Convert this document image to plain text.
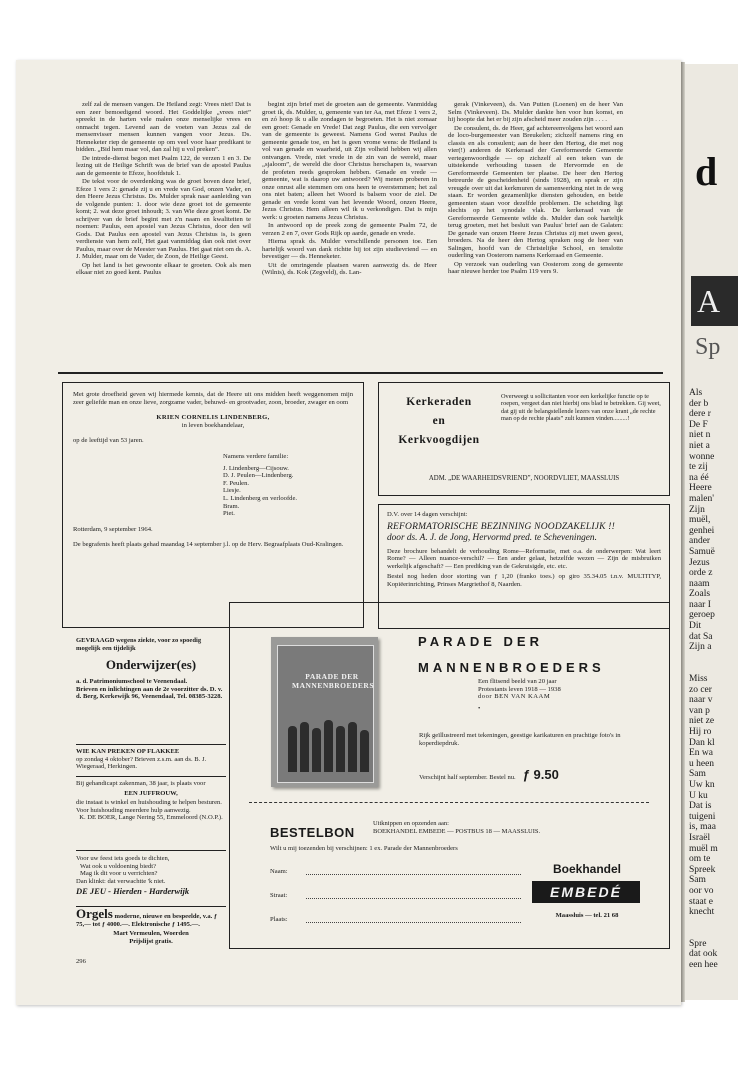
zelf zal de mensen vangen. De Heiland zegt: Vrees niet! Dat is een zeer bemoedigend woord. Het Goddelijke „vrees niet” spreekt in de harten vele malen onze menselijke vrees en onmacht tegen. Levend aan de voeten van Jezus zal de mensenvisser mensen kunnen vangen voor Jezus. Ds. Henneketer riep de gemeente op om veel voor haar predikant te bidden. „Bid hem maar vol, dan zal hij u vol preken”.

De intrede-dienst begon met Psalm 122, de verzen 1 en 3. De lezing uit de Heilige Schrift was de brief van de apostel Paulus aan de gemeente te Efeze, hoofdstuk 1.

De tekst voor de overdenking was de groet boven deze brief, Efeze 1 vers 2: genade zij u en vrede van God, onzen Vader, en den Heere Jezus Christus. Ds. Mulder sprak naar aanleiding van de volgende punten: 1. door wie deze groet tot de gemeente komt; 2. wat deze groet inhoudt; 3. van Wie deze groet komt. De schrijver van de brief begint met z'n naam en kwaliteiten te noemen: Paulus, een apostel van Jezus Christus, door den wil Gods. Dat Paulus een apostel van Jezus Christus is, is geen verdienste van hem zelf, Het gaat vanmiddag dan ook niet over Paulus, maar over de Meester van Paulus. Het gaat niet om ds. A. J. Mulder, maar om de Vader, de Zoon, de Heilige Geest.

Op het land is het gewoonte elkaar te groeten. Ook als men elkaar niet zo goed kent. Paulus

begint zijn brief met de groeten aan de gemeente. Vanmiddag groet ik, ds. Mulder, u, gemeente van ter Aa, met Efeze 1 vers 2, en zó hoop ik u alle zondagen te begroeten. Het is niet zomaar een groet: Genade en Vrede! Dat zegt Paulus, die een vervolger van de gemeente is geweest. Namens God wenst Paulus de gemeente genade toe, en het is geen vrome wens: de Heiland is vol van genade en waarheid, uit Zijn volheid hebben wij allen ontvangen. Vrede, niet vrede in de zin van de wereld, maar „sjaloom”, de wereld die door Christus herschapen is, waarvan de profeten reeds gesproken hebben. Genade en vrede — gemeente, wat is daarop uw antwoord? Wij menen proberen in onze onrust alle stemmen om ons heen te overstemmen; het zal ons niet baten; alleen het Woord is balsem voor de ziel. De genade en vrede komt van het levende Woord, onzen Heere, Jezus Christus. Hem alleen wil ik u verkondigen. Dat is mijn werk: u groeten namens Jezus Christus.

In antwoord op de preek zong de gemeente Psalm 72, de verzen 2 en 7, over Gods Rijk op aarde, genade en vrede.

Hierna sprak ds. Mulder verschillende personen toe. Een hartelijk woord van dank richtte hij tot zijn studievriend — en bevestiger — ds. Henneketer.

Uit de omringende plaatsen waren aanwezig ds. de Heer (Wilnis), ds. Kok (Zegveld), ds. Lan-

gerak (Vinkeveen), ds. Van Putten (Loenen) en de heer Van Selm (Vinkeveen). Ds. Mulder dankte hen voor hun komst, en hij hoopte dat het er bij zijn afscheid meer zouden zijn . . . .

De consulent, ds. de Heer, gaf achtereenvolgens het woord aan de loco-burgemeester van Breukelen; zichzelf namens ring en classis en als consulent; aan de heer den Hertog, die met nog vier(!) anderen de Kerkeraad der Gereformeerde Gemeente vertegenwoordigde — op zichzelf al een teken van de uitstekende verhouding tussen de Hervormde en de Gereformeerde Gemeenten ter plaatse. De heer den Hertog betreurde de gescheidenheid (sinds 1928), en sprak er zijn vreugde over uit dat kerkmuren de samenwerking niet in de weg staan. Er worden gezamenlijke diensten gehouden, en beide gemeenten staan voor dezelfde problemen. De scheiding ligt slechts op het synodale vlak. De kerkeraad van de Gereformeerde Gemeente wilde ds. Mulder dan ook hartelijk terug groeten, met het besluit van Paulus' brief aan de Galaten: De genade van onzen Heere Jezus Christus zij met uwen geest, broeders. Na de heer den Hertog spraken nog de heer van Salingen, hoofd van de Christelijke School, en tenslotte ouderling van Oosterom namens Kerkeraad en Gemeente.

Op verzoek van ouderling van Oosterom zong de gemeente haar nieuwe herder toe Psalm 119 vers 9.

Met grote droefheid geven wij hiermede kennis, dat de Heere uit ons midden heeft weggenomen mijn zeer geliefde man en onze lieve, zorgzame vader, behuwd- en grootvader, zoon, broeder, zwager en oom
KRIEN CORNELIS LINDENBERG,
in leven boekhandelaar,
op de leeftijd van 53 jaren.
Namens verdere familie:
J. Lindenberg—Cijsouw.
D. J. Peulen—Lindenberg.
F. Peulen.
Liesje.
L. Lindenberg en verloofde.
Bram.
Piet.
Rotterdam, 9 september 1964.
De begrafenis heeft plaats gehad maandag 14 september j.l. op de Herv. Begraafplaats Oud-Kralingen.
Kerkeraden
en
Kerkvoogdijen
Overweegt u sollicitanten voor een kerkelijke functie op te roepen, vergeet dan niet hierbij ons blad te betrekken. Gij weet, dat gij uit de belangstellende lezers van onze krant „de rechte man op de rechte plaats” zult kunnen vinden.........!
ADM. „DE WAARHEIDSVRIEND”, NOORDVLIET, MAASSLUIS
D.V. over 14 dagen verschijnt:
REFORMATORISCHE BEZINNING NOODZAKELIJK !!
door ds. A. J. de Jong, Hervormd pred. te Scheveningen.
Deze brochure behandelt de verhouding Rome—Reformatie, met o.a. de onderwerpen: Wat leert Rome? — Alleen nuance-verschil? — Een ander gelaat, hetzelfde wezen — Zijn de misbruiken werkelijk afgeschaft? — Een prediking van de Gekruisigde, etc. etc.
Bestel nog heden door storting van ƒ 1,20 (franko toes.) op giro 35.34.05 t.n.v. MULTITYP, Kopiëerinrichting, Prinses Margriethof 8, Naarden.
GEVRAAGD wegens ziekte, voor zo spoedig mogelijk een tijdelijk
Onderwijzer(es)
a. d. Patrimoniumschool te Veenendaal.
Brieven en inlichtingen aan de 2e voorzitter ds. D. v. d. Berg, Kerkewijk 96, Veenendaal, Tel. 08385-3228.
WIE KAN PREKEN OP FLAKKEE
op zondag 4 oktober? Brieven z.s.m. aan ds. B. J. Wiegeraad, Herkingen.
Bij gehandicapt zakenman, 38 jaar, is plaats voor
EEN JUFFROUW,
die instaat is winkel en huishouding te helpen besturen. Voor huishouding meerdere hulp aanwezig.
K. DE BOER, Lange Nering 55, Emmeloord (N.O.P.).
Voor uw feest iets goeds te dichten,
Wat ook u voldoening biedt?
Mag ik dit voor u verrichten?
Dan klinkt: dat verwachtte 'k niet.
DE JEU - Hierden - Harderwijk
Orgels moderne, nieuwe en bespeelde, v.a. ƒ 75,— tot ƒ 4000.—. Elektronische ƒ 1495.—.
Mart Vermeulen, Woerden
Prijslijst gratis.
296
PARADE DER MANNENBROEDERS
PARADE DER
MANNENBROEDERS
Een flitsend beeld van 20 jaar
Protestants leven 1918 — 1938
door BEN VAN KAAM
•
Rijk geïllustreerd met tekeningen, geestige karikaturen en prachtige foto's in koperdiepdruk.
Verschijnt half september. Bestel nu. ƒ 9.50
BESTELBON
Uitknippen en opzenden aan:
BOEKHANDEL EMBEDE — POSTBUS 18 — MAASSLUIS.
Wilt u mij toezenden bij verschijnen: 1 ex. Parade der Mannenbroeders
Naam:
Straat:
Plaats:
Boekhandel
EMBEDÉ
Maassluis — tel. 21 68
d
A
Sp
Als
der b
dere r
De F
niet n
niet a
wonne
te zij
na éé
Heere
malen'
Zijn
muël,
genhei
ander
Samuë
Jezus
orde z
naam
Zoals
naar I
geroep
Dit
dat Sa
Zijn a

Miss
zo cer
naar v
van p
niet ze
Hij ro
Dan kl
En wa
u heen
Sam
Uw kn
U ku
Dat is
tuigeni
is, maa
Israël
muël m
om te
Spreek
Sam
oor vo
staat e
knecht

Spre
dat ook
een hee
